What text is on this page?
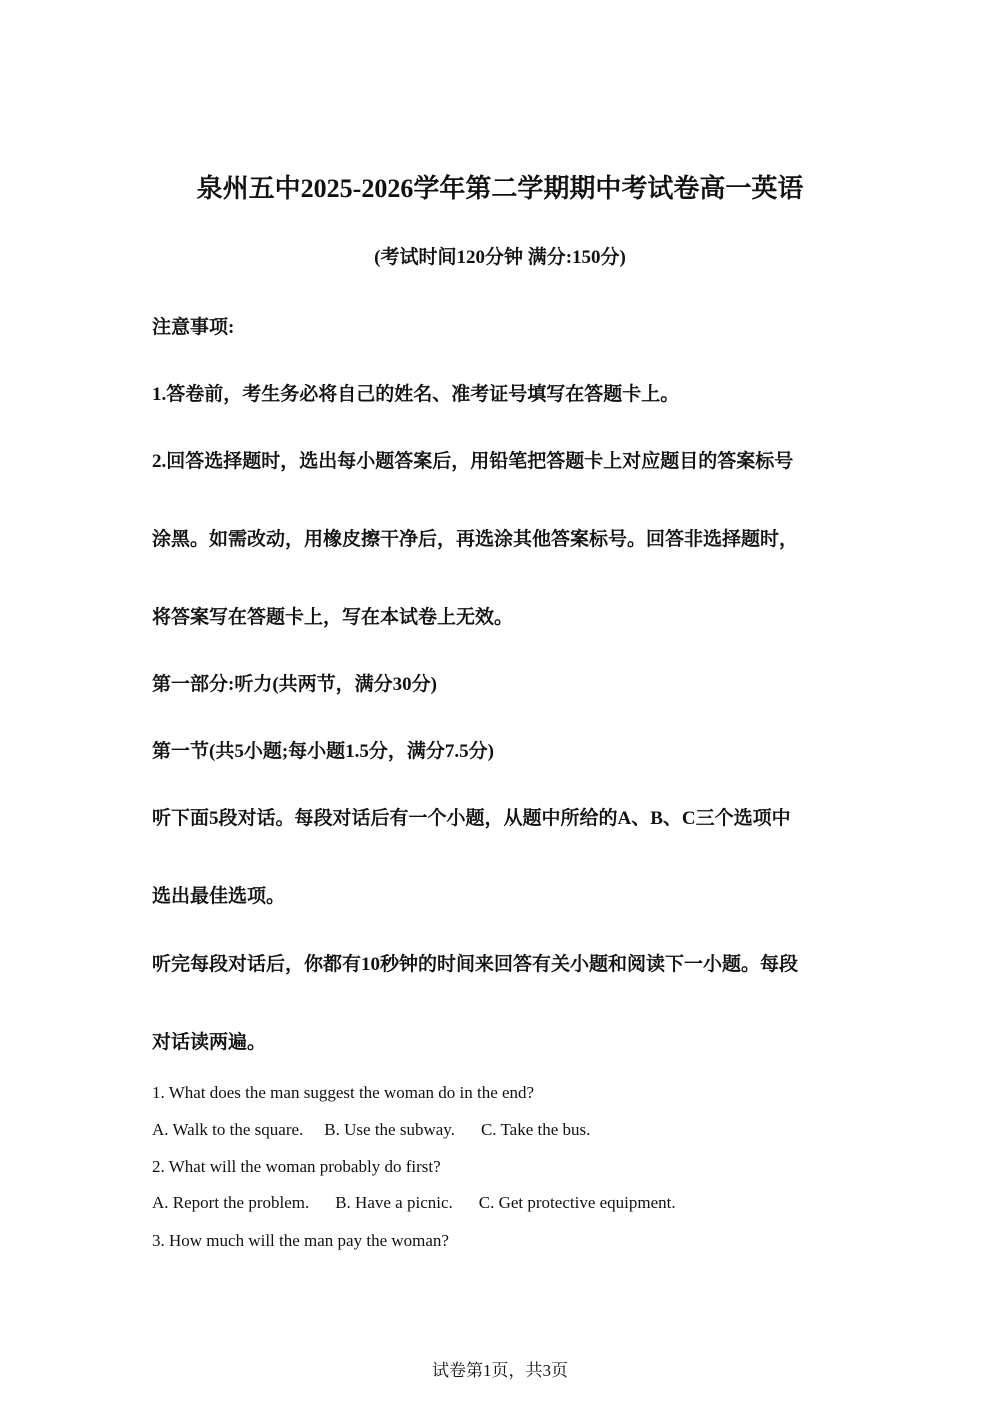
泉州五中2025-2026学年第二学期期中考试卷高一英语
(考试时间120分钟 满分:150分)
注意事项:
1.答卷前，考生务必将自己的姓名、准考证号填写在答题卡上。
2.回答选择题时，选出每小题答案后，用铅笔把答题卡上对应题目的答案标号
涂黑。如需改动，用橡皮擦干净后，再选涂其他答案标号。回答非选择题时，
将答案写在答题卡上，写在本试卷上无效。
第一部分:听力(共两节，满分30分)
第一节(共5小题;每小题1.5分，满分7.5分)
听下面5段对话。每段对话后有一个小题，从题中所给的A、B、C三个选项中
选出最佳选项。
听完每段对话后，你都有10秒钟的时间来回答有关小题和阅读下一小题。每段
对话读两遍。
1. What does the man suggest the woman do in the end?
A. Walk to the square. B. Use the subway. C. Take the bus.
2. What will the woman probably do first?
A. Report the problem. B. Have a picnic. C. Get protective equipment.
3. How much will the man pay the woman?
试卷第1页，共3页
